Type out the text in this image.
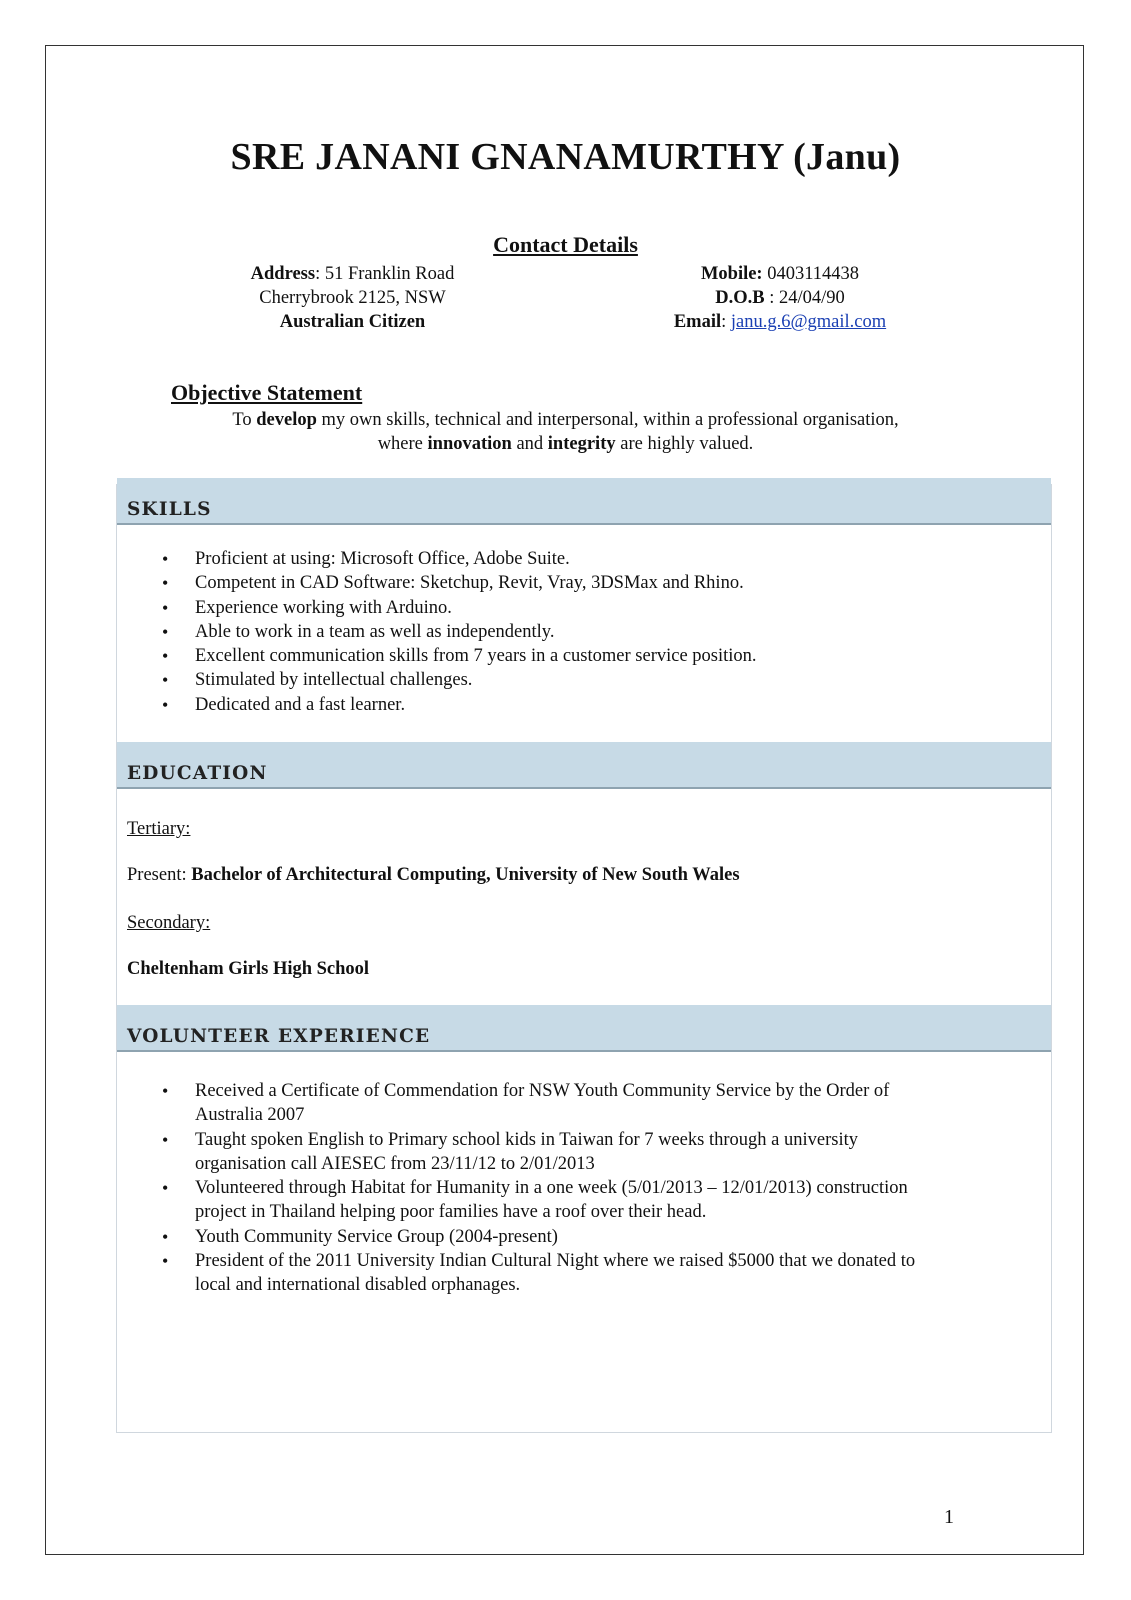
SRE JANANI GNANAMURTHY (Janu)
Contact Details
Address: 51 Franklin Road
Cherrybrook 2125, NSW
Australian Citizen
Mobile: 0403114438
D.O.B : 24/04/90
Email: janu.g.6@gmail.com
Objective Statement
To develop my own skills, technical and interpersonal, within a professional organisation,
where innovation and integrity are highly valued.
SKILLS
• Proficient at using: Microsoft Office, Adobe Suite.
• Competent in CAD Software: Sketchup, Revit, Vray, 3DSMax and Rhino.
• Experience working with Arduino.
• Able to work in a team as well as independently.
• Excellent communication skills from 7 years in a customer service position.
• Stimulated by intellectual challenges.
• Dedicated and a fast learner.
EDUCATION
Tertiary:
Present: Bachelor of Architectural Computing, University of New South Wales
Secondary:
Cheltenham Girls High School
VOLUNTEER EXPERIENCE
• Received a Certificate of Commendation for NSW Youth Community Service by the Order of
Australia 2007
• Taught spoken English to Primary school kids in Taiwan for 7 weeks through a university
organisation call AIESEC from 23/11/12 to 2/01/2013
• Volunteered through Habitat for Humanity in a one week (5/01/2013 – 12/01/2013) construction
project in Thailand helping poor families have a roof over their head.
• Youth Community Service Group (2004-present)
• President of the 2011 University Indian Cultural Night where we raised $5000 that we donated to
local and international disabled orphanages.
1
